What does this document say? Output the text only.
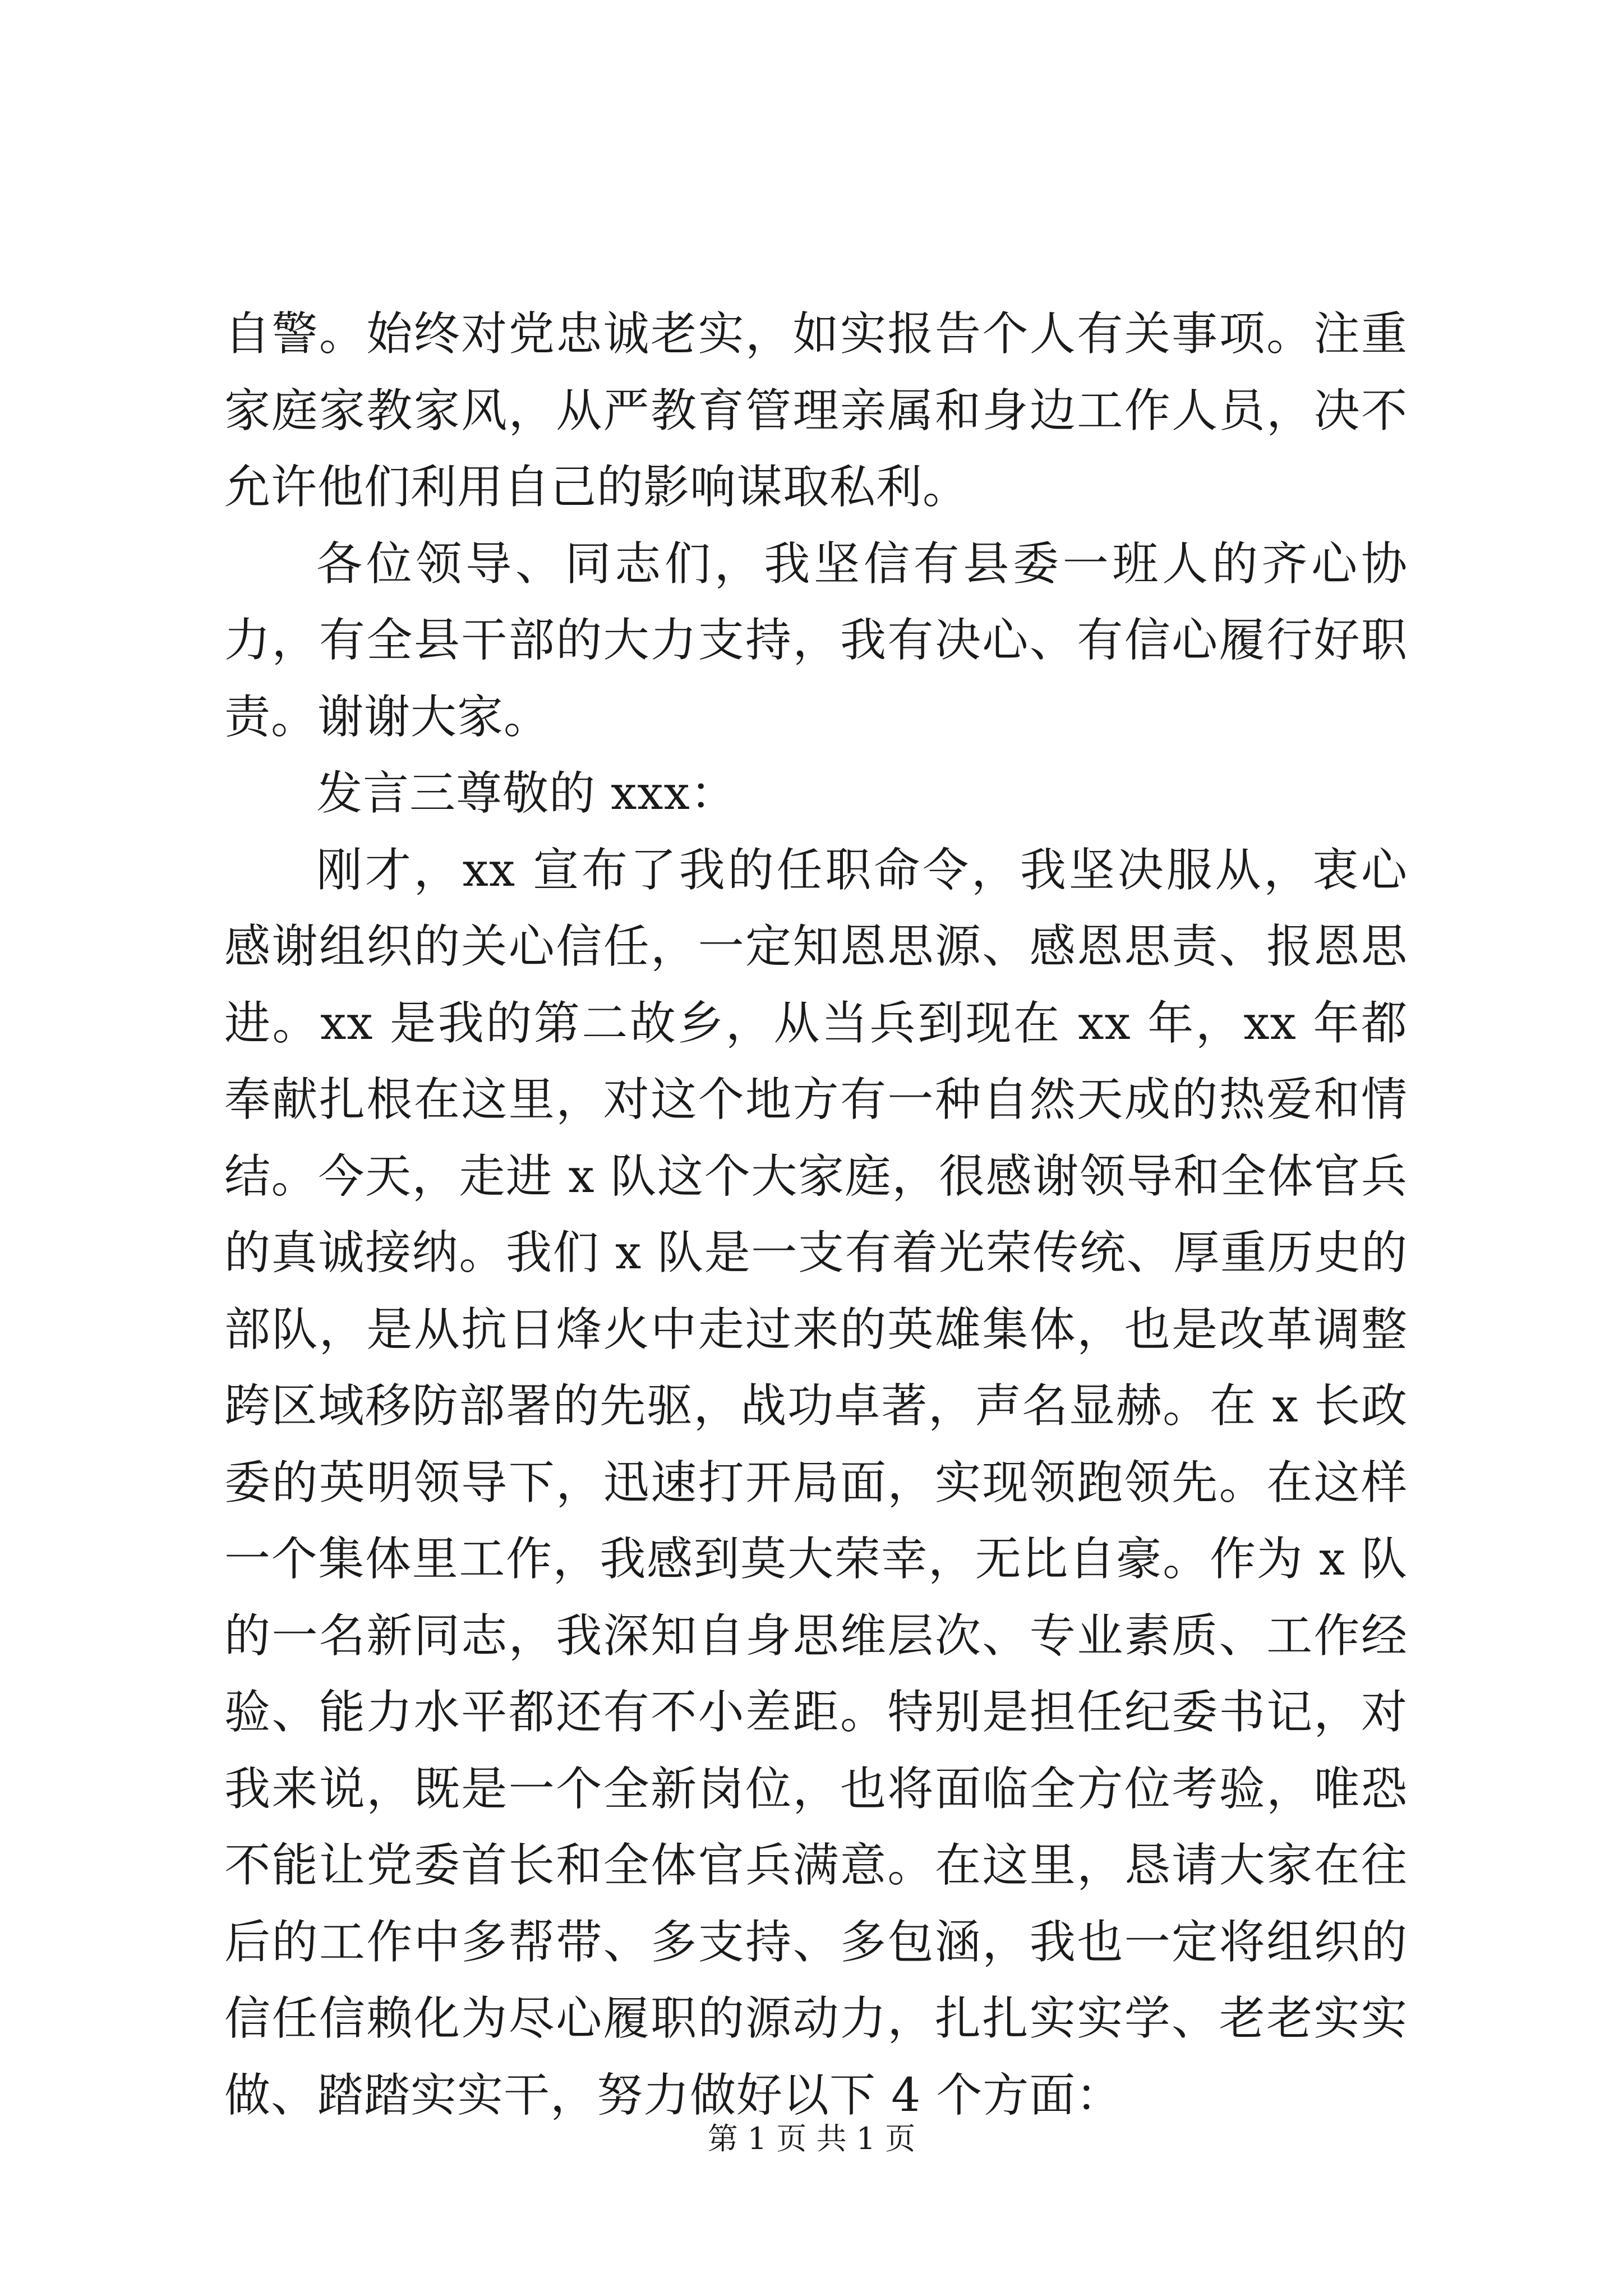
自警。始终对党忠诚老实，如实报告个人有关事项。注重家庭家教家风，从严教育管理亲属和身边工作人员，决不允许他们利用自己的影响谋取私利。

各位领导、同志们，我坚信有县委一班人的齐心协力，有全县干部的大力支持，我有决心、有信心履行好职责。谢谢大家。

发言三尊敬的 xxx：

刚才，xx 宣布了我的任职命令，我坚决服从，衷心感谢组织的关心信任，一定知恩思源、感恩思责、报恩思进。xx 是我的第二故乡，从当兵到现在 xx 年，xx 年都奉献扎根在这里，对这个地方有一种自然天成的热爱和情结。今天，走进 x 队这个大家庭，很感谢领导和全体官兵的真诚接纳。我们 x 队是一支有着光荣传统、厚重历史的部队，是从抗日烽火中走过来的英雄集体，也是改革调整跨区域移防部署的先驱，战功卓著，声名显赫。在 x 长政委的英明领导下，迅速打开局面，实现领跑领先。在这样一个集体里工作，我感到莫大荣幸，无比自豪。作为 x 队的一名新同志，我深知自身思维层次、专业素质、工作经验、能力水平都还有不小差距。特别是担任纪委书记，对我来说，既是一个全新岗位，也将面临全方位考验，唯恐不能让党委首长和全体官兵满意。在这里，恳请大家在往后的工作中多帮带、多支持、多包涵，我也一定将组织的信任信赖化为尽心履职的源动力，扎扎实实学、老老实实做、踏踏实实干，努力做好以下 4 个方面：

第 1 页 共 1 页
